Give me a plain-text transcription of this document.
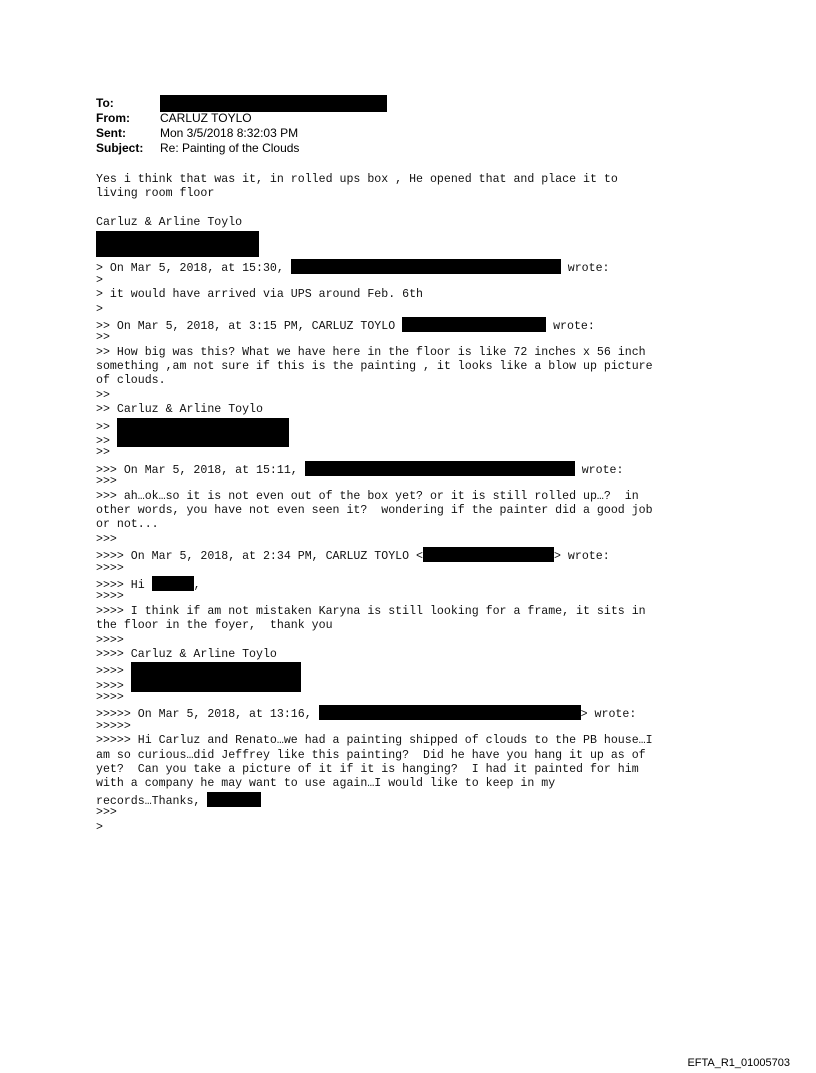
To:
From:	CARLUZ TOYLO
Sent:	Mon 3/5/2018 8:32:03 PM
Subject: Re: Painting of the Clouds
Yes i think that was it, in rolled ups box , He opened that and place it to
living room floor
Carluz & Arline Toylo
> On Mar 5, 2018, at 15:30,	wrote:
>
> it would have arrived via UPS around Feb. 6th
>
>> On Mar 5, 2018, at 3:15 PM, CARLUZ TOYLO	wrote:
>>
>> How big was this? What we have here in the floor is like 72 inches x 56 inch
something ,am not sure if this is the painting , it looks like a blow up picture
of clouds.
>>
>> Carluz & Arline Toylo
>>
>>
>>
>>> On Mar 5, 2018, at 15:11,	wrote:
>>>
>>> ah…ok…so it is not even out of the box yet? or it is still rolled up…?  in
other words, you have not even seen it?  wondering if the painter did a good job
or not...
>>>
>>>> On Mar 5, 2018, at 2:34 PM, CARLUZ TOYLO <	> wrote:
>>>>
>>>> Hi	,
>>>>
>>>> I think if am not mistaken Karyna is still looking for a frame, it sits in
the floor in the foyer,  thank you
>>>>
>>>> Carluz & Arline Toylo
>>>>
>>>>
>>>>
>>>>> On Mar 5, 2018, at 13:16,	> wrote:
>>>>>
>>>>> Hi Carluz and Renato…we had a painting shipped of clouds to the PB house…I
am so curious…did Jeffrey like this painting?  Did he have you hang it up as of
yet?  Can you take a picture of it if it is hanging?  I had it painted for him
with a company he may want to use again…I would like to keep in my
records…Thanks,
>>>
>
EFTA_R1_01005703
